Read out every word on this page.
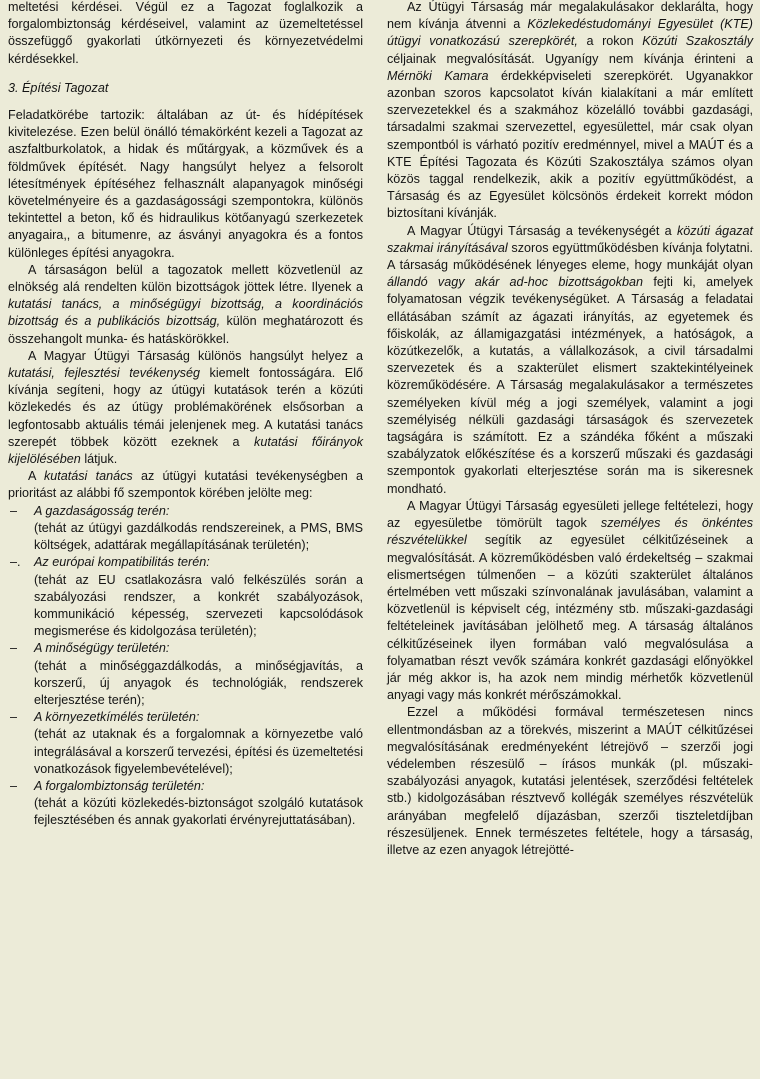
meltetési kérdései. Végül ez a Tagozat foglalkozik a forgalombiztonság kérdéseivel, valamint az üzemeltetéssel összefüggő gyakorlati útkörnyezeti és környezetvédelmi kérdésekkel.

3. Építési Tagozat

Feladatkörébe tartozik: általában az út- és hídépítések kivitelezése. Ezen belül önálló témakörként kezeli a Tagozat az aszfaltburkolatok, a hidak és műtárgyak, a közművek és a földművek építését. Nagy hangsúlyt helyez a felsorolt létesítmények építéséhez felhasznált alapanyagok minőségi követelményeire és a gazdaságossági szempontokra, különös tekintettel a beton, kő és hidraulikus kötőanyagú szerkezetek anyagaira,, a bitumenre, az ásványi anyagokra és a fontos különleges építési anyagokra.

A társaságon belül a tagozatok mellett közvetlenül az elnökség alá rendelten külön bizottságok jöttek létre. Ilyenek a kutatási tanács, a minőségügyi bizottság, a koordinációs bizottság és a publikációs bizottság, külön meghatározott és összehangolt munka- és hatáskörökkel.

A Magyar Útügyi Társaság különös hangsúlyt helyez a kutatási, fejlesztési tevékenység kiemelt fontosságára. Elő kívánja segíteni, hogy az útügyi kutatások terén a közúti közlekedés és az útügy problémakörének elsősorban a legfontosabb aktuális témái jelenjenek meg. A kutatási tanács szerepét többek között ezeknek a kutatási főirányok kijelölésében látjuk.

A kutatási tanács az útügyi kutatási tevékenységben a prioritást az alábbi fő szempontok körében jelölte meg:

– A gazdaságosság terén:
(tehát az útügyi gazdálkodás rendszereinek, a PMS, BMS költségek, adattárak megállapításának területén);
–. Az európai kompatibilitás terén:
(tehát az EU csatlakozásra való felkészülés során a szabályozási rendszer, a konkrét szabályozások, kommunikáció képesség, szervezeti kapcsolódások megismerése és kidolgozása területén);
– A minőségügy területén:
(tehát a minőséggazdálkodás, a minőségjavítás, a korszerű, új anyagok és technológiák, rendszerek elterjesztése terén);
– A környezetkímélés területén:
(tehát az utaknak és a forgalomnak a környezetbe való integrálásával a korszerű tervezési, építési és üzemeltetési vonatkozások figyelembevételével);
– A forgalombiztonság területén:
(tehát a közúti közlekedés-biztonságot szolgáló kutatások fejlesztésében és annak gyakorlati érvényrejuttatásában).

Az Útügyi Társaság már megalakulásakor deklarálta, hogy nem kívánja átvenni a Közlekedéstudományi Egyesület (KTE) útügyi vonatkozású szerepkörét, a rokon Közúti Szakosztály céljainak megvalósítását. Ugyanígy nem kívánja érinteni a Mérnöki Kamara érdekképviseleti szerepkörét. Ugyanakkor azonban szoros kapcsolatot kíván kialakítani a már említett szervezetekkel és a szakmához közelálló további gazdasági, társadalmi szakmai szervezettel, egyesülettel, már csak olyan szempontból is várható pozitív eredménnyel, mivel a MAÚT és a KTE Építési Tagozata és Közúti Szakosztálya számos olyan közös taggal rendelkezik, akik a pozitív együttműködést, a Társaság és az Egyesület kölcsönös érdekeit korrekt módon biztosítani kívánják.

A Magyar Útügyi Társaság a tevékenységét a közúti ágazat szakmai irányításával szoros együttműködésben kívánja folytatni. A társaság működésének lényeges eleme, hogy munkáját olyan állandó vagy akár ad-hoc bizottságokban fejti ki, amelyek folyamatosan végzik tevékenységüket. A Társaság a feladatai ellátásában számít az ágazati irányítás, az egyetemek és főiskolák, az államigazgatási intézmények, a hatóságok, a közútkezelők, a kutatás, a vállalkozások, a civil társadalmi szervezetek és a szakterület elismert szaktekintélyeinek közreműködésére. A Társaság megalakulásakor a természetes személyeken kívül még a jogi személyek, valamint a jogi személyiség nélküli gazdasági társaságok és szervezetek tagságára is számított. Ez a szándéka főként a műszaki szabályzatok előkészítése és a korszerű műszaki és gazdasági szempontok gyakorlati elterjesztése során ma is sikeresnek mondható.

A Magyar Útügyi Társaság egyesületi jellege feltételezi, hogy az egyesületbe tömörült tagok személyes és önkéntes részvételükkel segítik az egyesület célkitűzéseinek a megvalósítását. A közreműködésben való érdekeltség – szakmai elismertségen túlmenően – a közúti szakterület általános értelmében vett műszaki színvonalának javulásában, valamint a közvetlenül is képviselt cég, intézmény stb. műszaki-gazdasági feltételeinek javításában jelölhető meg. A társaság általános célkitűzéseinek ilyen formában való megvalósulása a folyamatban részt vevők számára konkrét gazdasági előnyökkel jár még akkor is, ha azok nem mindig mérhetők közvetlenül anyagi vagy más konkrét mérőszámokkal.

Ezzel a működési formával természetesen nincs ellentmondásban az a törekvés, miszerint a MAÚT célkitűzései megvalósításának eredményeként létrejövő – szerzői jogi védelemben részesülő – írásos munkák (pl. műszaki-szabályozási anyagok, kutatási jelentések, szerződési feltételek stb.) kidolgozásában résztvevő kollégák személyes részvételük arányában megfelelő díjazásban, szerzői tiszteletdíjban részesüljenek. Ennek természetes feltétele, hogy a társaság, illetve az ezen anyagok létrejötté-
